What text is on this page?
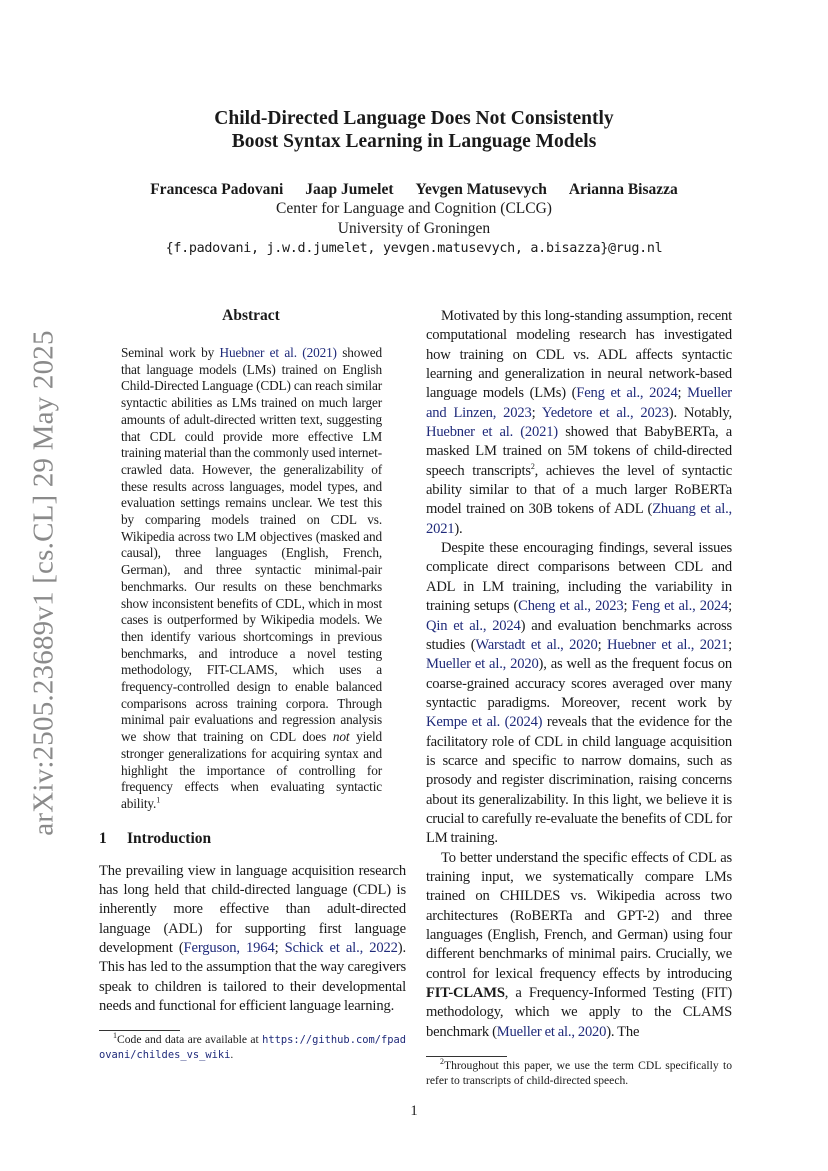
arXiv:2505.23689v1 [cs.CL] 29 May 2025
Child-Directed Language Does Not Consistently
Boost Syntax Learning in Language Models
Francesca Padovani Jaap Jumelet Yevgen Matusevych Arianna Bisazza
Center for Language and Cognition (CLCG)
University of Groningen
{f.padovani, j.w.d.jumelet, yevgen.matusevych, a.bisazza}@rug.nl
Abstract

Seminal work by Huebner et al. (2021) showed that language models (LMs) trained on English Child-Directed Language (CDL) can reach similar syntactic abilities as LMs trained on much larger amounts of adult-directed written text, suggesting that CDL could provide more effective LM training material than the commonly used internet-crawled data. However, the generalizability of these results across languages, model types, and evaluation settings remains unclear. We test this by comparing models trained on CDL vs. Wikipedia across two LM objectives (masked and causal), three languages (English, French, German), and three syntactic minimal-pair benchmarks. Our results on these benchmarks show inconsistent benefits of CDL, which in most cases is outperformed by Wikipedia models. We then identify various shortcomings in previous benchmarks, and introduce a novel testing methodology, FIT-CLAMS, which uses a frequency-controlled design to enable balanced comparisons across training corpora. Through minimal pair evaluations and regression analysis we show that training on CDL does not yield stronger generalizations for acquiring syntax and highlight the importance of controlling for frequency effects when evaluating syntactic ability.$^1$

1 Introduction

The prevailing view in language acquisition research has long held that child-directed language (CDL) is inherently more effective than adult-directed language (ADL) for supporting first language development (Ferguson, 1964; Schick et al., 2022). This has led to the assumption that the way caregivers speak to children is tailored to their developmental needs and functional for efficient language learning.

$^1$Code and data are available at https://github.com/fpadovani/childes_vs_wiki.

Motivated by this long-standing assumption, recent computational modeling research has investigated how training on CDL vs. ADL affects syntactic learning and generalization in neural network-based language models (LMs) (Feng et al., 2024; Mueller and Linzen, 2023; Yedetore et al., 2023). Notably, Huebner et al. (2021) showed that BabyBERTa, a masked LM trained on 5M tokens of child-directed speech transcripts$^2$, achieves the level of syntactic ability similar to that of a much larger RoBERTa model trained on 30B tokens of ADL (Zhuang et al., 2021).

Despite these encouraging findings, several issues complicate direct comparisons between CDL and ADL in LM training, including the variability in training setups (Cheng et al., 2023; Feng et al., 2024; Qin et al., 2024) and evaluation benchmarks across studies (Warstadt et al., 2020; Huebner et al., 2021; Mueller et al., 2020), as well as the frequent focus on coarse-grained accuracy scores averaged over many syntactic paradigms. Moreover, recent work by Kempe et al. (2024) reveals that the evidence for the facilitatory role of CDL in child language acquisition is scarce and specific to narrow domains, such as prosody and register discrimination, raising concerns about its generalizability. In this light, we believe it is crucial to carefully re-evaluate the benefits of CDL for LM training.

To better understand the specific effects of CDL as training input, we systematically compare LMs trained on CHILDES vs. Wikipedia across two architectures (RoBERTa and GPT-2) and three languages (English, French, and German) using four different benchmarks of minimal pairs. Crucially, we control for lexical frequency effects by introducing FIT-CLAMS, a Frequency-Informed Testing (FIT) methodology, which we apply to the CLAMS benchmark (Mueller et al., 2020). The

$^2$Throughout this paper, we use the term CDL specifically to refer to transcripts of child-directed speech.
1
